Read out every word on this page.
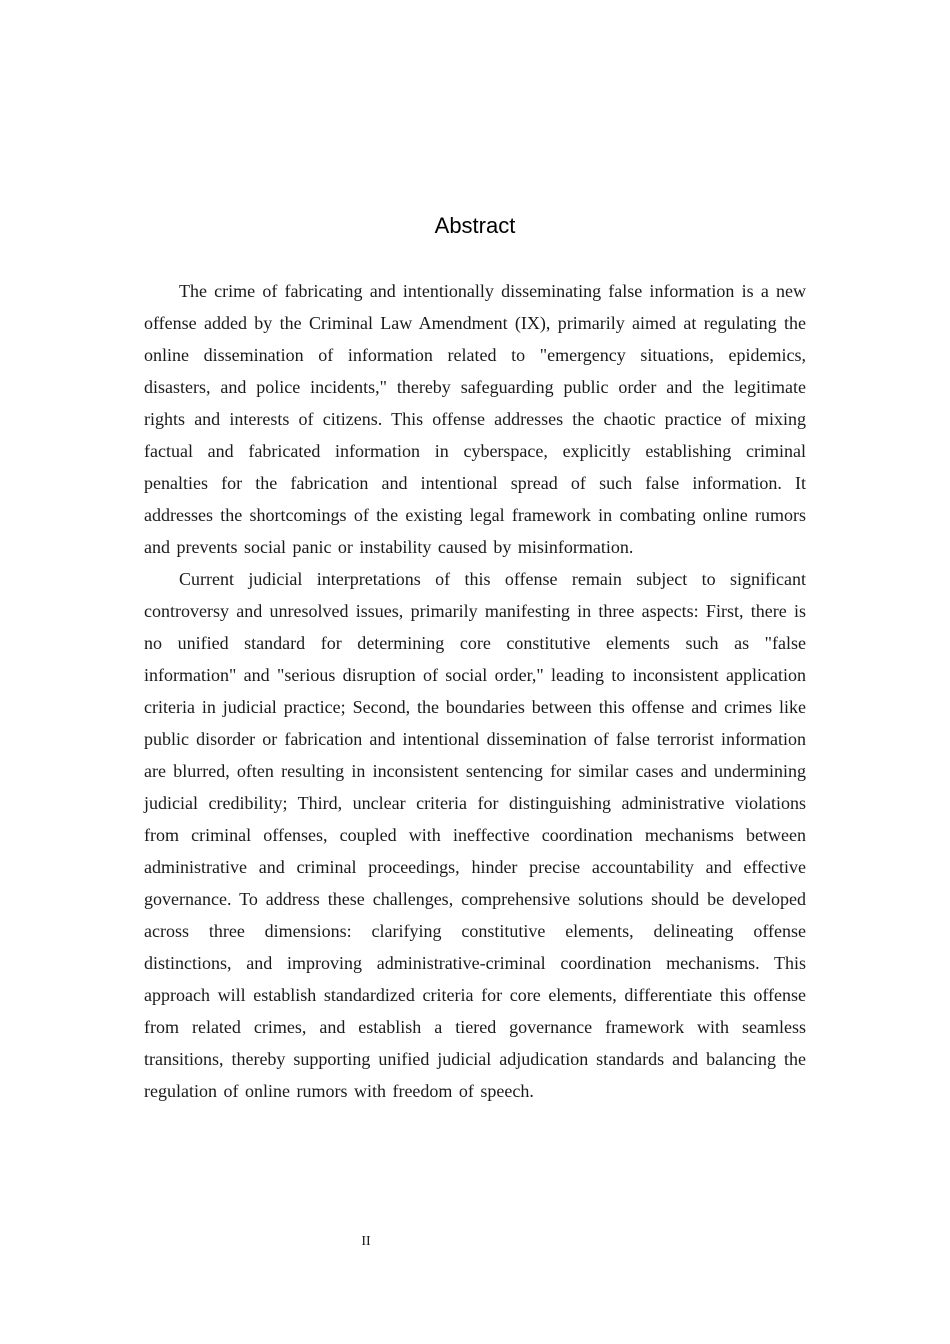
Abstract

The crime of fabricating and intentionally disseminating false information is a new offense added by the Criminal Law Amendment (IX), primarily aimed at regulating the online dissemination of information related to "emergency situations, epidemics, disasters, and police incidents," thereby safeguarding public order and the legitimate rights and interests of citizens. This offense addresses the chaotic practice of mixing factual and fabricated information in cyberspace, explicitly establishing criminal penalties for the fabrication and intentional spread of such false information. It addresses the shortcomings of the existing legal framework in combating online rumors and prevents social panic or instability caused by misinformation.

Current judicial interpretations of this offense remain subject to significant controversy and unresolved issues, primarily manifesting in three aspects: First, there is no unified standard for determining core constitutive elements such as "false information" and "serious disruption of social order," leading to inconsistent application criteria in judicial practice; Second, the boundaries between this offense and crimes like public disorder or fabrication and intentional dissemination of false terrorist information are blurred, often resulting in inconsistent sentencing for similar cases and undermining judicial credibility; Third, unclear criteria for distinguishing administrative violations from criminal offenses, coupled with ineffective coordination mechanisms between administrative and criminal proceedings, hinder precise accountability and effective governance. To address these challenges, comprehensive solutions should be developed across three dimensions: clarifying constitutive elements, delineating offense distinctions, and improving administrative-criminal coordination mechanisms. This approach will establish standardized criteria for core elements, differentiate this offense from related crimes, and establish a tiered governance framework with seamless transitions, thereby supporting unified judicial adjudication standards and balancing the regulation of online rumors with freedom of speech.

II
